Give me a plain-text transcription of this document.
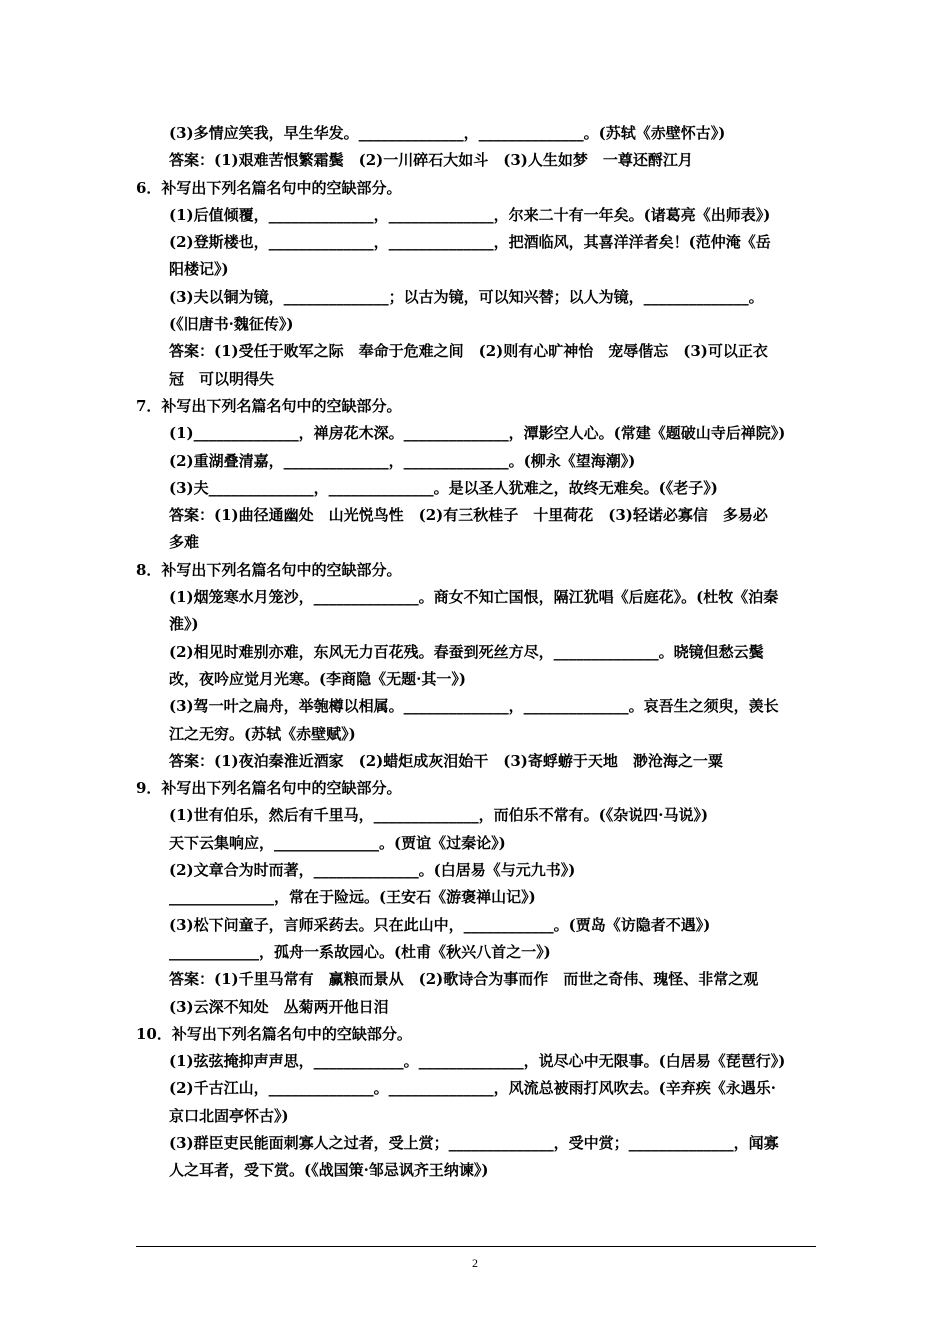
(3)多情应笑我，早生华发。______________，______________。(苏轼《赤壁怀古》)
答案：(1)艰难苦恨繁霜鬓　(2)一川碎石大如斗　(3)人生如梦　一尊还酹江月
6．补写出下列名篇名句中的空缺部分。
(1)后值倾覆，______________，______________，尔来二十有一年矣。(诸葛亮《出师表》)
(2)登斯楼也，______________，______________，把酒临风，其喜洋洋者矣！(范仲淹《岳
阳楼记》)
(3)夫以铜为镜，______________；以古为镜，可以知兴替；以人为镜，______________。
(《旧唐书·魏征传》)
答案：(1)受任于败军之际　奉命于危难之间　(2)则有心旷神怡　宠辱偕忘　(3)可以正衣
冠　可以明得失
7．补写出下列名篇名句中的空缺部分。
(1)______________，禅房花木深。______________，潭影空人心。(常建《题破山寺后禅院》)
(2)重湖叠清嘉，______________，______________。(柳永《望海潮》)
(3)夫______________，______________。是以圣人犹难之，故终无难矣。(《老子》)
答案：(1)曲径通幽处　山光悦鸟性　(2)有三秋桂子　十里荷花　(3)轻诺必寡信　多易必
多难
8．补写出下列名篇名句中的空缺部分。
(1)烟笼寒水月笼沙，______________。商女不知亡国恨，隔江犹唱《后庭花》。(杜牧《泊秦
淮》)
(2)相见时难别亦难，东风无力百花残。春蚕到死丝方尽，______________。晓镜但愁云鬓
改，夜吟应觉月光寒。(李商隐《无题·其一》)
(3)驾一叶之扁舟，举匏樽以相属。______________，______________。哀吾生之须臾，羡长
江之无穷。(苏轼《赤壁赋》)
答案：(1)夜泊秦淮近酒家　(2)蜡炬成灰泪始干　(3)寄蜉蝣于天地　渺沧海之一粟
9．补写出下列名篇名句中的空缺部分。
(1)世有伯乐，然后有千里马，______________，而伯乐不常有。(《杂说四·马说》)
天下云集响应，______________。(贾谊《过秦论》)
(2)文章合为时而著，______________。(白居易《与元九书》)
______________，常在于险远。(王安石《游褒禅山记》)
(3)松下问童子，言师采药去。只在此山中，____________。(贾岛《访隐者不遇》)
____________，孤舟一系故园心。(杜甫《秋兴八首之一》)
答案：(1)千里马常有　赢粮而景从　(2)歌诗合为事而作　而世之奇伟、瑰怪、非常之观
(3)云深不知处　丛菊两开他日泪
10．补写出下列名篇名句中的空缺部分。
(1)弦弦掩抑声声思，____________。______________，说尽心中无限事。(白居易《琵琶行》)
(2)千古江山，______________。______________，风流总被雨打风吹去。(辛弃疾《永遇乐·
京口北固亭怀古》)
(3)群臣吏民能面刺寡人之过者，受上赏；______________，受中赏；______________，闻寡
人之耳者，受下赏。(《战国策·邹忌讽齐王纳谏》)
2
